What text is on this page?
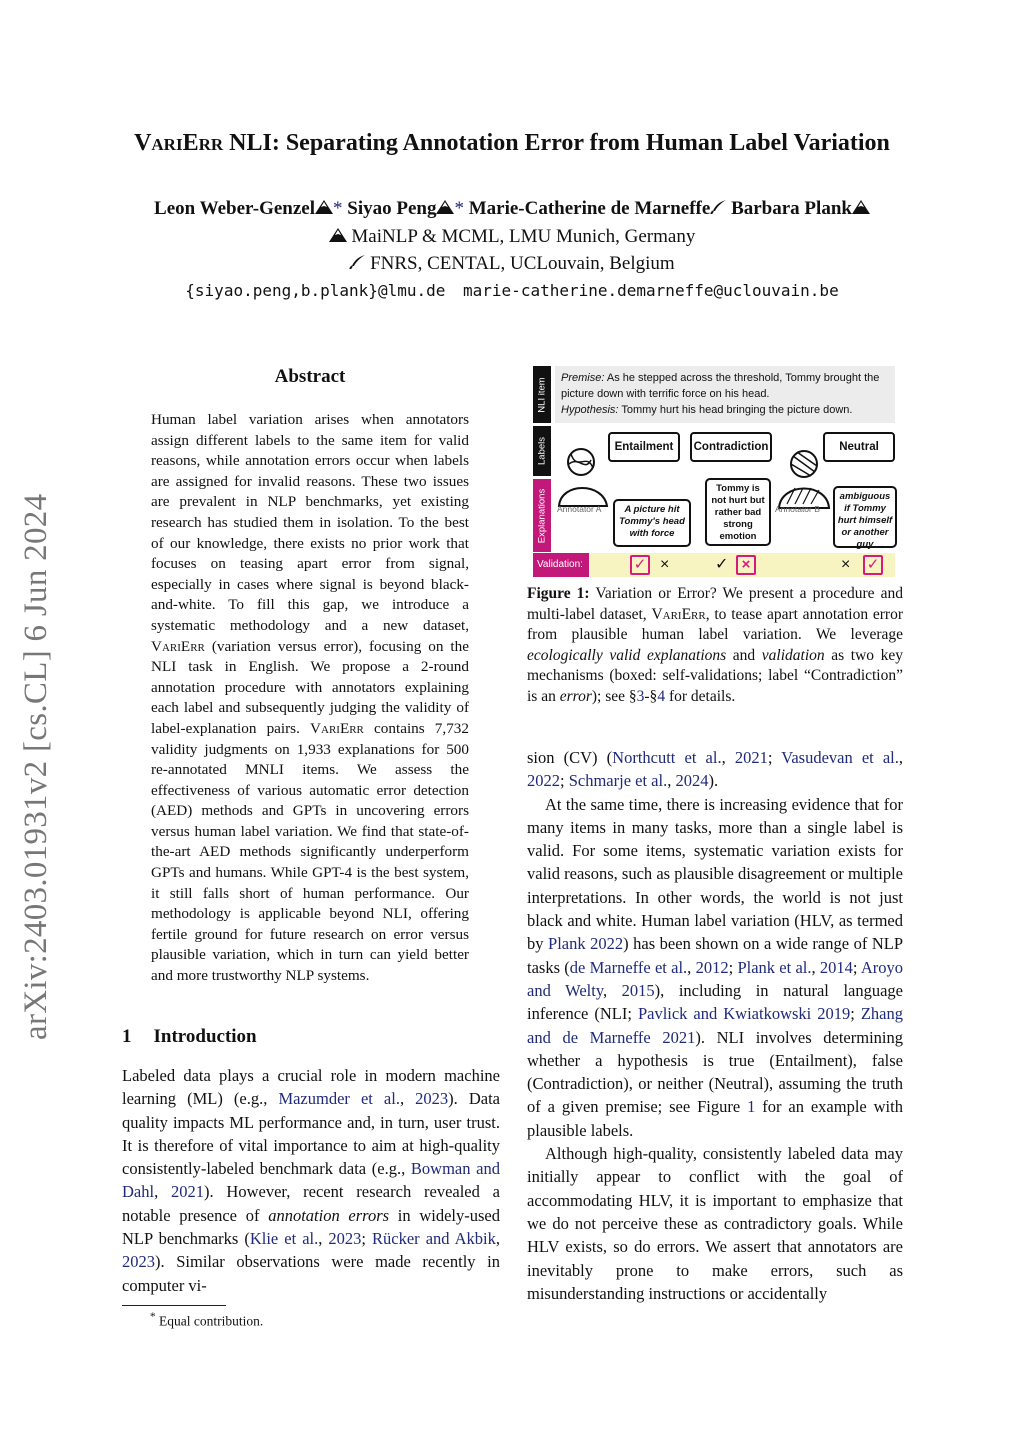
VariErr NLI: Separating Annotation Error from Human Label Variation
Leon Weber-Genzel * Siyao Peng * Marie-Catherine de Marneffe Barbara Plank
MaiNLP & MCML, LMU Munich, Germany
FNRS, CENTAL, UCLouvain, Belgium
{siyao.peng,b.plank}@lmu.de marie-catherine.demarneffe@uclouvain.be
arXiv:2403.01931v2 [cs.CL] 6 Jun 2024
Abstract
Human label variation arises when annotators assign different labels to the same item for valid reasons, while annotation errors occur when labels are assigned for invalid reasons. These two issues are prevalent in NLP benchmarks, yet existing research has studied them in isolation. To the best of our knowledge, there exists no prior work that focuses on teasing apart error from signal, especially in cases where signal is beyond black-and-white. To fill this gap, we introduce a systematic methodology and a new dataset, VariErr (variation versus error), focusing on the NLI task in English. We propose a 2-round annotation procedure with annotators explaining each label and subsequently judging the validity of label-explanation pairs. VariErr contains 7,732 validity judgments on 1,933 explanations for 500 re-annotated MNLI items. We assess the effectiveness of various automatic error detection (AED) methods and GPTs in uncovering errors versus human label variation. We find that state-of-the-art AED methods significantly underperform GPTs and humans. While GPT-4 is the best system, it still falls short of human performance. Our methodology is applicable beyond NLI, offering fertile ground for future research on error versus plausible variation, which in turn can yield better and more trustworthy NLP systems.
1 Introduction

Labeled data plays a crucial role in modern machine learning (ML) (e.g., Mazumder et al., 2023). Data quality impacts ML performance and, in turn, user trust. It is therefore of vital importance to aim at high-quality consistently-labeled benchmark data (e.g., Bowman and Dahl, 2021). However, recent research revealed a notable presence of annotation errors in widely-used NLP benchmarks (Klie et al., 2023; Rücker and Akbik, 2023). Similar observations were made recently in computer vi-

* Equal contribution.
NLI item
Labels
Explanations
Premise: As he stepped across the threshold, Tommy brought the picture down with terrific force on his head.
Hypothesis: Tommy hurt his head bringing the picture down.
Entailment	Contradiction	Neutral
Annotator A	Annotator B
A picture hit Tommy's head with force
Tommy is not hurt but rather bad strong emotion
ambiguous if Tommy hurt himself or another guy
Validation:	✓ ×	✓ ×	× ✓
Figure 1: Variation or Error? We present a procedure and multi-label dataset, VariErr, to tease apart annotation error from plausible human label variation. We leverage ecologically valid explanations and validation as two key mechanisms (boxed: self-validations; label “Contradiction” is an error); see §3-§4 for details.

sion (CV) (Northcutt et al., 2021; Vasudevan et al., 2022; Schmarje et al., 2024).

At the same time, there is increasing evidence that for many items in many tasks, more than a single label is valid. For some items, systematic variation exists for valid reasons, such as plausible disagreement or multiple interpretations. In other words, the world is not just black and white. Human label variation (HLV, as termed by Plank 2022) has been shown on a wide range of NLP tasks (de Marneffe et al., 2012; Plank et al., 2014; Aroyo and Welty, 2015), including in natural language inference (NLI; Pavlick and Kwiatkowski 2019; Zhang and de Marneffe 2021). NLI involves determining whether a hypothesis is true (Entailment), false (Contradiction), or neither (Neutral), assuming the truth of a given premise; see Figure 1 for an example with plausible labels.

Although high-quality, consistently labeled data may initially appear to conflict with the goal of accommodating HLV, it is important to emphasize that we do not perceive these as contradictory goals. While HLV exists, so do errors. We assert that annotators are inevitably prone to make errors, such as misunderstanding instructions or accidentally
